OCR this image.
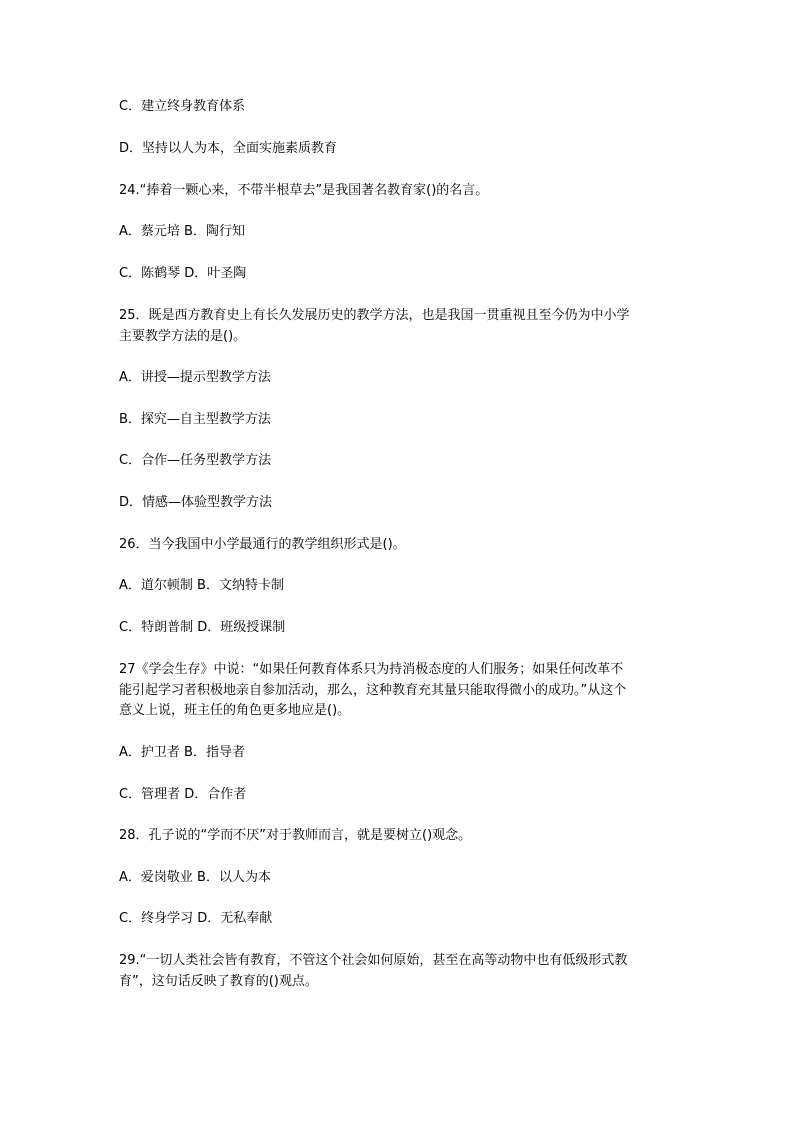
C．建立终身教育体系
D．坚持以人为本，全面实施素质教育
24.“捧着一颗心来，不带半根草去”是我国著名教育家()的名言。
A．蔡元培 B．陶行知
C．陈鹤琴 D．叶圣陶
25．既是西方教育史上有长久发展历史的教学方法，也是我国一贯重视且至今仍为中小学
主要教学方法的是()。
A．讲授—提示型教学方法
B．探究—自主型教学方法
C．合作—任务型教学方法
D．情感—体验型教学方法
26．当今我国中小学最通行的教学组织形式是()。
A．道尔顿制 B．文纳特卡制
C．特朗普制 D．班级授课制
27《学会生存》中说：“如果任何教育体系只为持消极态度的人们服务；如果任何改革不
能引起学习者积极地亲自参加活动，那么，这种教育充其量只能取得微小的成功。”从这个
意义上说，班主任的角色更多地应是()。
A．护卫者 B．指导者
C．管理者 D．合作者
28．孔子说的“学而不厌”对于教师而言，就是要树立()观念。
A．爱岗敬业 B．以人为本
C．终身学习 D．无私奉献
29.“一切人类社会皆有教育，不管这个社会如何原始，甚至在高等动物中也有低级形式教
育”，这句话反映了教育的()观点。
